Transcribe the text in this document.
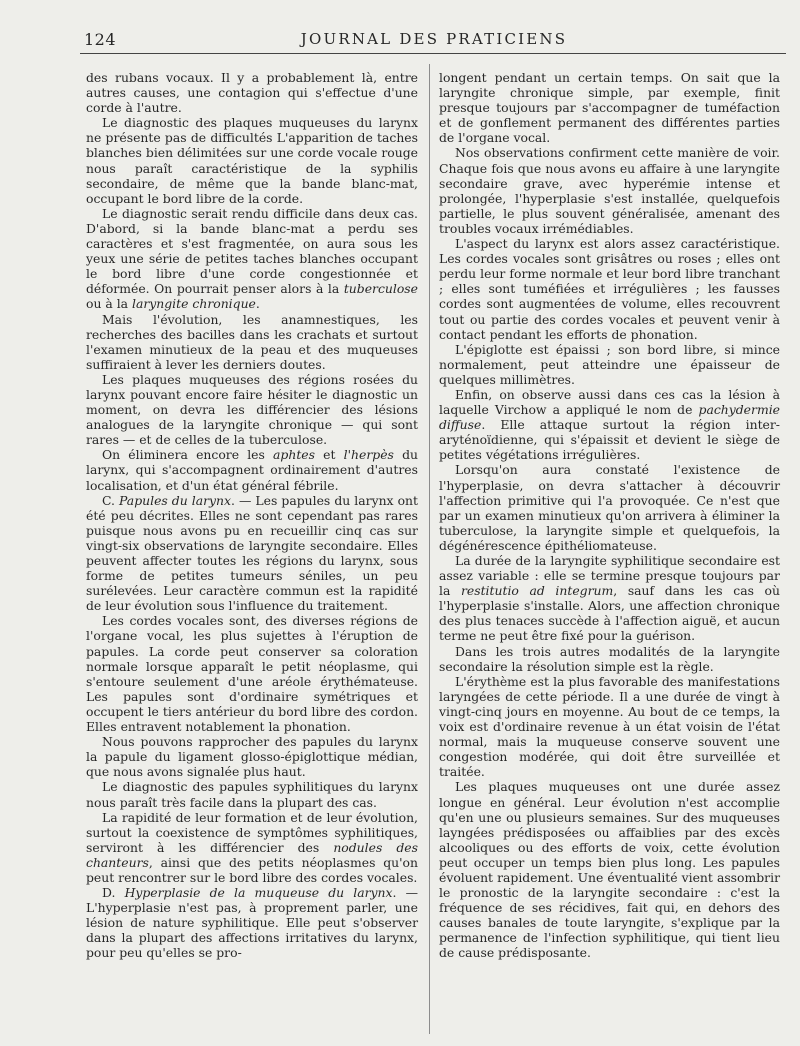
124	JOURNAL DES PRATICIENS

des rubans vocaux. Il y a probablement là, entre autres causes, une contagion qui s'effectue d'une corde à l'autre.

Le diagnostic des plaques muqueuses du larynx ne présente pas de difficultés L'apparition de taches blanches bien délimitées sur une corde vocale rouge nous paraît caractéristique de la syphilis secondaire, de même que la bande blanc-mat, occupant le bord libre de la corde.

Le diagnostic serait rendu difficile dans deux cas. D'abord, si la bande blanc-mat a perdu ses caractères et s'est fragmentée, on aura sous les yeux une série de petites taches blanches occupant le bord libre d'une corde congestionnée et déformée. On pourrait penser alors à la tuberculose ou à la laryngite chronique.

Mais l'évolution, les anamnestiques, les recherches des bacilles dans les crachats et surtout l'examen minutieux de la peau et des muqueuses suffiraient à lever les derniers doutes.

Les plaques muqueuses des régions rosées du larynx pouvant encore faire hésiter le diagnostic un moment, on devra les différencier des lésions analogues de la laryngite chronique — qui sont rares — et de celles de la tuberculose.

On éliminera encore les aphtes et l'herpès du larynx, qui s'accompagnent ordinairement d'autres localisation, et d'un état général fébrile.

C. Papules du larynx. — Les papules du larynx ont été peu décrites. Elles ne sont cependant pas rares puisque nous avons pu en recueillir cinq cas sur vingt-six observations de laryngite secondaire. Elles peuvent affecter toutes les régions du larynx, sous forme de petites tumeurs séniles, un peu surélevées. Leur caractère commun est la rapidité de leur évolution sous l'influence du traitement.

Les cordes vocales sont, des diverses régions de l'organe vocal, les plus sujettes à l'éruption de papules. La corde peut conserver sa coloration normale lorsque apparaît le petit néoplasme, qui s'entoure seulement d'une aréole érythémateuse. Les papules sont d'ordinaire symétriques et occupent le tiers antérieur du bord libre des cordon. Elles entravent notablement la phonation.

Nous pouvons rapprocher des papules du larynx la papule du ligament glosso-épiglottique médian, que nous avons signalée plus haut.

Le diagnostic des papules syphilitiques du larynx nous paraît très facile dans la plupart des cas.

La rapidité de leur formation et de leur évolution, surtout la coexistence de symptômes syphilitiques, serviront à les différencier des nodules des chanteurs, ainsi que des petits néoplasmes qu'on peut rencontrer sur le bord libre des cordes vocales.

D. Hyperplasie de la muqueuse du larynx. — L'hyperplasie n'est pas, à proprement parler, une lésion de nature syphilitique. Elle peut s'observer dans la plupart des affections irritatives du larynx, pour peu qu'elles se pro-

longent pendant un certain temps. On sait que la laryngite chronique simple, par exemple, finit presque toujours par s'accompagner de tuméfaction et de gonflement permanent des différentes parties de l'organe vocal.

Nos observations confirment cette manière de voir. Chaque fois que nous avons eu affaire à une laryngite secondaire grave, avec hyperémie intense et prolongée, l'hyperplasie s'est installée, quelquefois partielle, le plus souvent généralisée, amenant des troubles vocaux irrémédiables.

L'aspect du larynx est alors assez caractéristique. Les cordes vocales sont grisâtres ou roses ; elles ont perdu leur forme normale et leur bord libre tranchant ; elles sont tuméfiées et irrégulières ; les fausses cordes sont augmentées de volume, elles recouvrent tout ou partie des cordes vocales et peuvent venir à contact pendant les efforts de phonation.

L'épiglotte est épaissi ; son bord libre, si mince normalement, peut atteindre une épaisseur de quelques millimètres.

Enfin, on observe aussi dans ces cas la lésion à laquelle Virchow a appliqué le nom de pachydermie diffuse. Elle attaque surtout la région inter-aryténoïdienne, qui s'épaissit et devient le siège de petites végétations irrégulières.

Lorsqu'on aura constaté l'existence de l'hyperplasie, on devra s'attacher à découvrir l'affection primitive qui l'a provoquée. Ce n'est que par un examen minutieux qu'on arrivera à éliminer la tuberculose, la laryngite simple et quelquefois, la dégénérescence épithéliomateuse.

La durée de la laryngite syphilitique secondaire est assez variable : elle se termine presque toujours par la restitutio ad integrum, sauf dans les cas où l'hyperplasie s'installe. Alors, une affection chronique des plus tenaces succède à l'affection aiguë, et aucun terme ne peut être fixé pour la guérison.

Dans les trois autres modalités de la laryngite secondaire la résolution simple est la règle.

L'érythème est la plus favorable des manifestations laryngées de cette période. Il a une durée de vingt à vingt-cinq jours en moyenne. Au bout de ce temps, la voix est d'ordinaire revenue à un état voisin de l'état normal, mais la muqueuse conserve souvent une congestion modérée, qui doit être surveillée et traitée.

Les plaques muqueuses ont une durée assez longue en général. Leur évolution n'est accomplie qu'en une ou plusieurs semaines. Sur des muqueuses layngées prédisposées ou affaiblies par des excès alcooliques ou des efforts de voix, cette évolution peut occuper un temps bien plus long. Les papules évoluent rapidement. Une éventualité vient assombrir le pronostic de la laryngite secondaire : c'est la fréquence de ses récidives, fait qui, en dehors des causes banales de toute laryngite, s'explique par la permanence de l'infection syphilitique, qui tient lieu de cause prédisposante.
